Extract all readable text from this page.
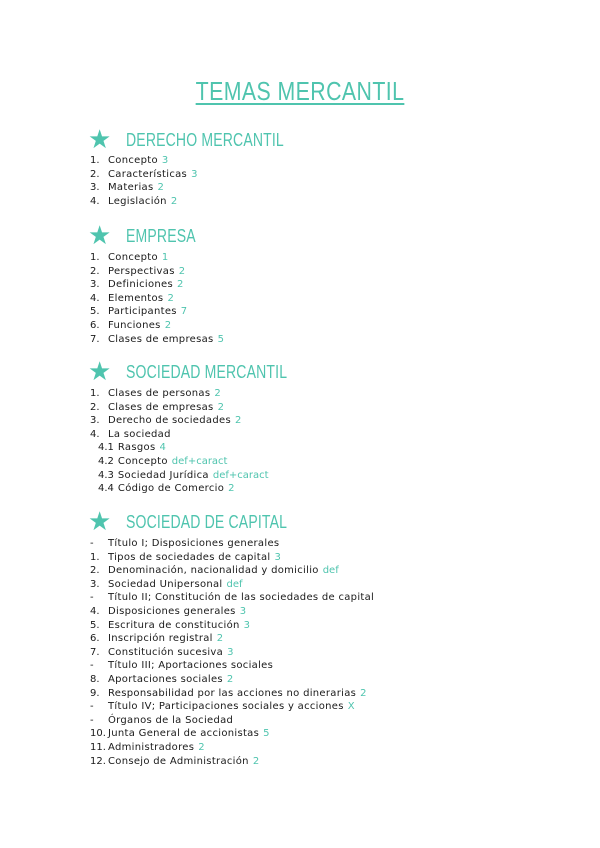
TEMAS MERCANTIL
★ DERECHO MERCANTIL
1. Concepto 3
2. Características 3
3. Materias 2
4. Legislación 2
★ EMPRESA
1. Concepto 1
2. Perspectivas 2
3. Definiciones 2
4. Elementos 2
5. Participantes 7
6. Funciones 2
7. Clases de empresas 5
★ SOCIEDAD MERCANTIL
1. Clases de personas 2
2. Clases de empresas 2
3. Derecho de sociedades 2
4. La sociedad
4.1 Rasgos 4
4.2 Concepto def+caract
4.3 Sociedad Jurídica def+caract
4.4 Código de Comercio 2
★ SOCIEDAD DE CAPITAL
-	Título I; Disposiciones generales
1. Tipos de sociedades de capital 3
2. Denominación, nacionalidad y domicilio def
3. Sociedad Unipersonal def
-	Título II; Constitución de las sociedades de capital
4. Disposiciones generales 3
5. Escritura de constitución 3
6. Inscripción registral 2
7. Constitución sucesiva 3
-	Título III; Aportaciones sociales
8. Aportaciones sociales 2
9. Responsabilidad por las acciones no dinerarias 2
-	Título IV; Participaciones sociales y acciones X
-	Órganos de la Sociedad
10. Junta General de accionistas 5
11. Administradores 2
12. Consejo de Administración 2
